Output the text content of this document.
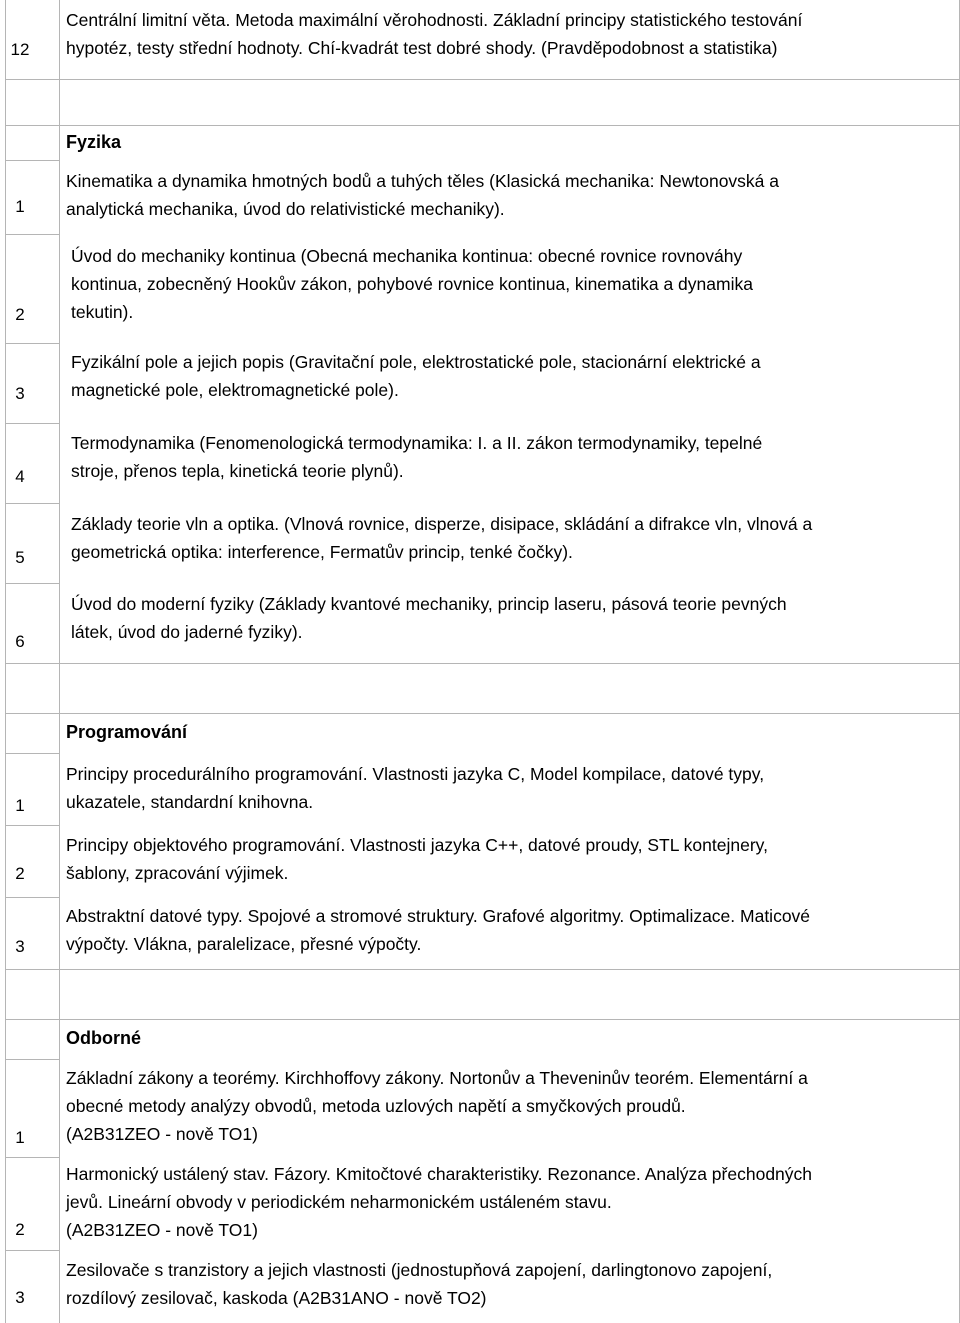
12
Centrální limitní věta. Metoda maximální věrohodnosti. Základní principy statistického testování
hypotéz, testy střední hodnoty. Chí-kvadrát test dobré shody. (Pravděpodobnost a statistika)
Fyzika
1
Kinematika a dynamika hmotných bodů a tuhých těles (Klasická mechanika: Newtonovská a
analytická mechanika, úvod do relativistické mechaniky).
2
Úvod do mechaniky kontinua (Obecná mechanika kontinua: obecné rovnice rovnováhy
kontinua, zobecněný Hookův zákon, pohybové rovnice kontinua, kinematika a dynamika
tekutin).
3
Fyzikální pole a jejich popis (Gravitační pole, elektrostatické pole, stacionární elektrické a
magnetické pole, elektromagnetické pole).
4
Termodynamika (Fenomenologická termodynamika: I. a II. zákon termodynamiky, tepelné
stroje, přenos tepla, kinetická teorie plynů).
5
Základy teorie vln a optika. (Vlnová rovnice, disperze, disipace, skládání a difrakce vln, vlnová a
geometrická optika: interference, Fermatův princip, tenké čočky).
6
Úvod do moderní fyziky (Základy kvantové mechaniky, princip laseru, pásová teorie pevných
látek, úvod do jaderné fyziky).
Programování
1
Principy procedurálního programování. Vlastnosti jazyka C, Model kompilace, datové typy,
ukazatele, standardní knihovna.
2
Principy objektového programování. Vlastnosti jazyka C++, datové proudy, STL kontejnery,
šablony, zpracování výjimek.
3
Abstraktní datové typy. Spojové a stromové struktury. Grafové algoritmy. Optimalizace. Maticové
výpočty. Vlákna, paralelizace, přesné výpočty.
Odborné
1
Základní zákony a teorémy. Kirchhoffovy zákony. Nortonův a Theveninův teorém. Elementární a
obecné metody analýzy obvodů, metoda uzlových napětí a smyčkových proudů.
(A2B31ZEO - nově TO1)
2
Harmonický ustálený stav. Fázory. Kmitočtové charakteristiky. Rezonance. Analýza přechodných
jevů. Lineární obvody v periodickém neharmonickém ustáleném stavu.
(A2B31ZEO - nově TO1)
3
Zesilovače s tranzistory a jejich vlastnosti (jednostupňová zapojení, darlingtonovo zapojení,
rozdílový zesilovač, kaskoda (A2B31ANO - nově TO2)
